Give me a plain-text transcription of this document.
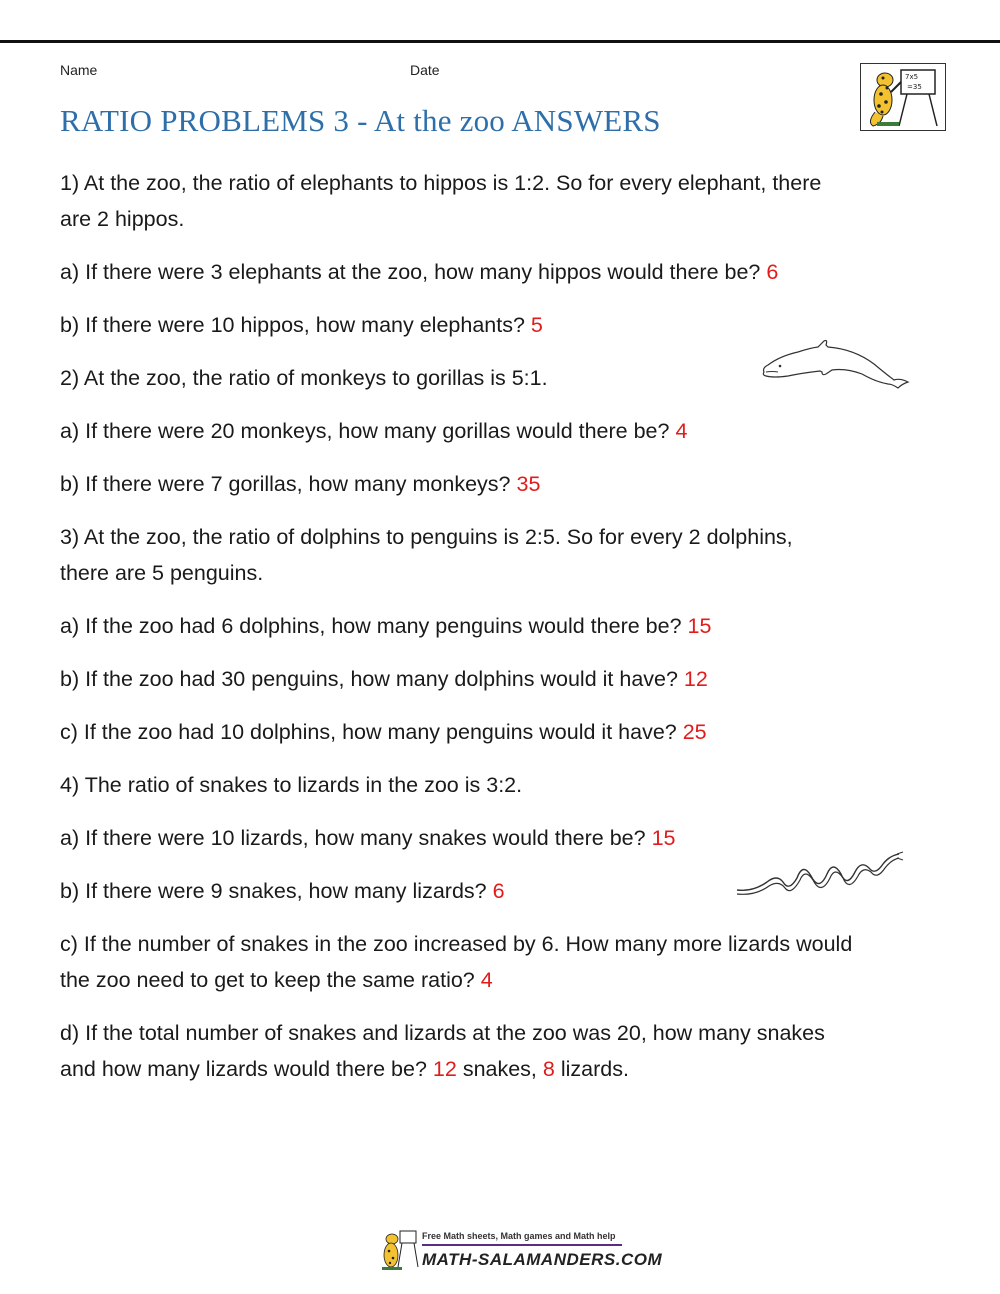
Name	Date	7x5
=35
RATIO PROBLEMS 3 - At the zoo ANSWERS

1) At the zoo, the ratio of elephants to hippos is 1:2. So for every elephant, there

are 2 hippos.

a) If there were 3 elephants at the zoo, how many hippos would there be? 6

b) If there were 10 hippos, how many elephants? 5

2) At the zoo, the ratio of monkeys to gorillas is 5:1.

a) If there were 20 monkeys, how many gorillas would there be? 4

b) If there were 7 gorillas, how many monkeys? 35

3) At the zoo, the ratio of dolphins to penguins is 2:5. So for every 2 dolphins,

there are 5 penguins.

a) If the zoo had 6 dolphins, how many penguins would there be? 15

b) If the zoo had 30 penguins, how many dolphins would it have? 12

c) If the zoo had 10 dolphins, how many penguins would it have? 25

4) The ratio of snakes to lizards in the zoo is 3:2.

a) If there were 10 lizards, how many snakes would there be? 15

b) If there were 9 snakes, how many lizards? 6

c) If the number of snakes in the zoo increased by 6. How many more lizards would

the zoo need to get to keep the same ratio? 4

d) If the total number of snakes and lizards at the zoo was 20, how many snakes

and how many lizards would there be? 12 snakes, 8 lizards.

Free Math sheets, Math games and Math help
MATH-SALAMANDERS.COM
